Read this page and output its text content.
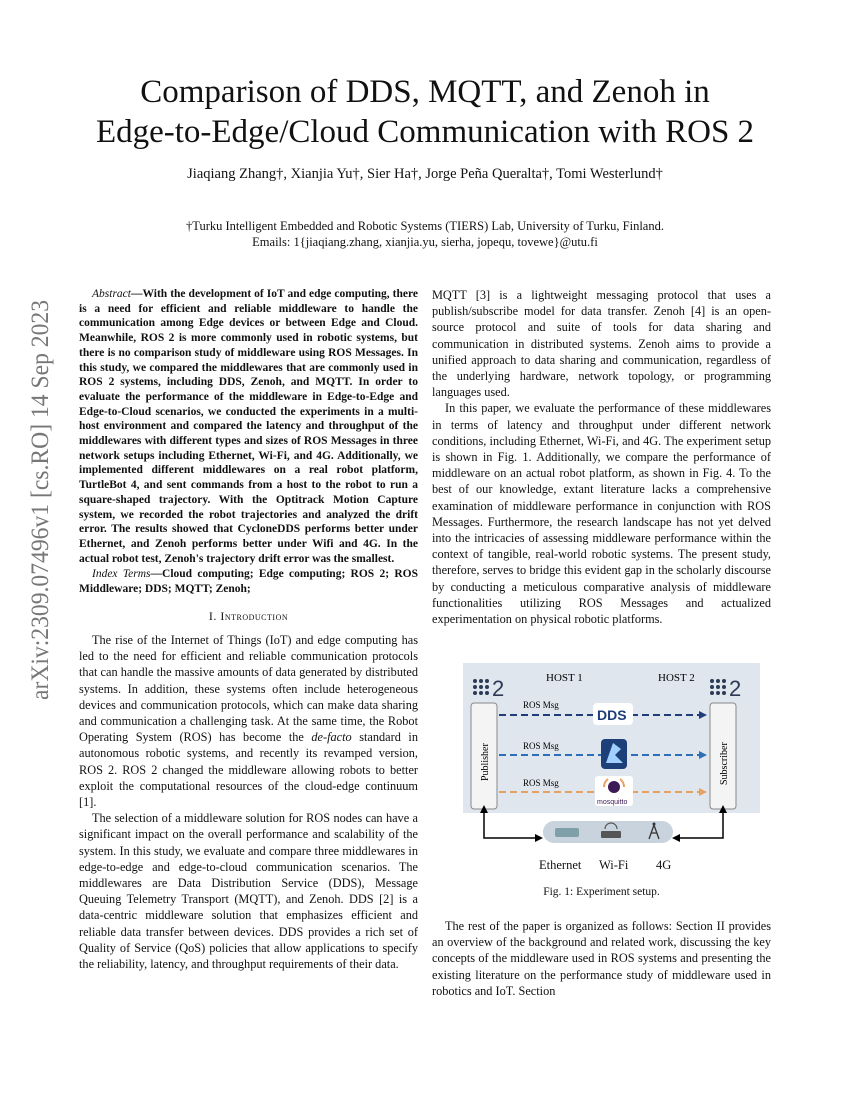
arXiv:2309.07496v1 [cs.RO] 14 Sep 2023
Comparison of DDS, MQTT, and Zenoh in
Edge-to-Edge/Cloud Communication with ROS 2
Jiaqiang Zhang†, Xianjia Yu†, Sier Ha†, Jorge Peña Queralta†, Tomi Westerlund†
†Turku Intelligent Embedded and Robotic Systems (TIERS) Lab, University of Turku, Finland.
Emails: 1{jiaqiang.zhang, xianjia.yu, sierha, jopequ, tovewe}@utu.fi

Abstract—With the development of IoT and edge computing, there is a need for efficient and reliable middleware to handle the communication among Edge devices or between Edge and Cloud. Meanwhile, ROS 2 is more commonly used in robotic systems, but there is no comparison study of middleware using ROS Messages. In this study, we compared the middlewares that are commonly used in ROS 2 systems, including DDS, Zenoh, and MQTT. In order to evaluate the performance of the middleware in Edge-to-Edge and Edge-to-Cloud scenarios, we conducted the experiments in a multi-host environment and compared the latency and throughput of the middlewares with different types and sizes of ROS Messages in three network setups including Ethernet, Wi-Fi, and 4G. Additionally, we implemented different middlewares on a real robot platform, TurtleBot 4, and sent commands from a host to the robot to run a square-shaped trajectory. With the Optitrack Motion Capture system, we recorded the robot trajectories and analyzed the drift error. The results showed that CycloneDDS performs better under Ethernet, and Zenoh performs better under Wifi and 4G. In the actual robot test, Zenoh's trajectory drift error was the smallest.

Index Terms—Cloud computing; Edge computing; ROS 2; ROS Middleware; DDS; MQTT; Zenoh;

I. Introduction

The rise of the Internet of Things (IoT) and edge computing has led to the need for efficient and reliable communication protocols that can handle the massive amounts of data generated by distributed systems. In addition, these systems often include heterogeneous devices and communication protocols, which can make data sharing and communication a challenging task. At the same time, the Robot Operating System (ROS) has become the de-facto standard in autonomous robotic systems, and recently its revamped version, ROS 2. ROS 2 changed the middleware allowing robots to better exploit the computational resources of the cloud-edge continuum [1].

The selection of a middleware solution for ROS nodes can have a significant impact on the overall performance and scalability of the system. In this study, we evaluate and compare three middlewares in edge-to-edge and edge-to-cloud communication scenarios. The middlewares are Data Distribution Service (DDS), Message Queuing Telemetry Transport (MQTT), and Zenoh. DDS [2] is a data-centric middleware solution that emphasizes efficient and reliable data transfer between devices. DDS provides a rich set of Quality of Service (QoS) policies that allow applications to specify the reliability, latency, and throughput requirements of their data.

MQTT [3] is a lightweight messaging protocol that uses a publish/subscribe model for data transfer. Zenoh [4] is an open-source protocol and suite of tools for data sharing and communication in distributed systems. Zenoh aims to provide a unified approach to data sharing and communication, regardless of the underlying hardware, network topology, or programming languages used.

In this paper, we evaluate the performance of these middlewares in terms of latency and throughput under different network conditions, including Ethernet, Wi-Fi, and 4G. The experiment setup is shown in Fig. 1. Additionally, we compare the performance of middleware on an actual robot platform, as shown in Fig. 4. To the best of our knowledge, extant literature lacks a comprehensive examination of middleware performance in conjunction with ROS Messages. Furthermore, the research landscape has not yet delved into the intricacies of assessing middleware performance within the context of tangible, real-world robotic systems. The present study, therefore, serves to bridge this evident gap in the scholarly discourse by conducting a meticulous comparative analysis of middleware functionalities utilizing ROS Messages and actualized experimentation on physical robotic platforms.

2	HOST 1
Publisher
2
HOST 2
Subscriber
ROS Msg
DDS
ROS Msg
ROS Msg
mosquitto
Ethernet Wi-Fi 4G
Fig. 1: Experiment setup.

The rest of the paper is organized as follows: Section II provides an overview of the background and related work, discussing the key concepts of the middleware used in ROS systems and presenting the existing literature on the performance study of middleware used in robotics and IoT. Section
